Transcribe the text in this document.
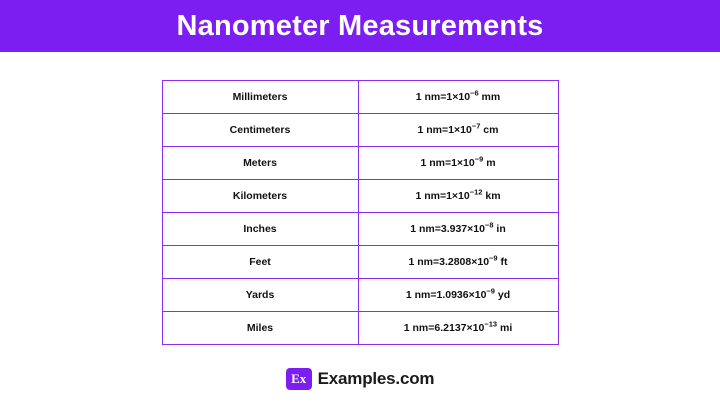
Nanometer Measurements
Millimeters	1 $nm=1\times 10^{-6}$ mm
Centimeters	1 $nm=1\times 10^{-7}$ cm
Meters	1 $nm=1\times 10^{-9}$ m
Kilometers	1 $nm=1\times 10^{-12}$ km
Inches	1 $nm=3.937\times 10^{-8}$ in
Feet	1 $nm=3.2808\times 10^{-9}$ ft
Yards	1 $nm=1.0936\times 10^{-9}$ yd
Miles	1 $nm=6.2137\times 10^{-13}$ mi
Ex Examples.com
